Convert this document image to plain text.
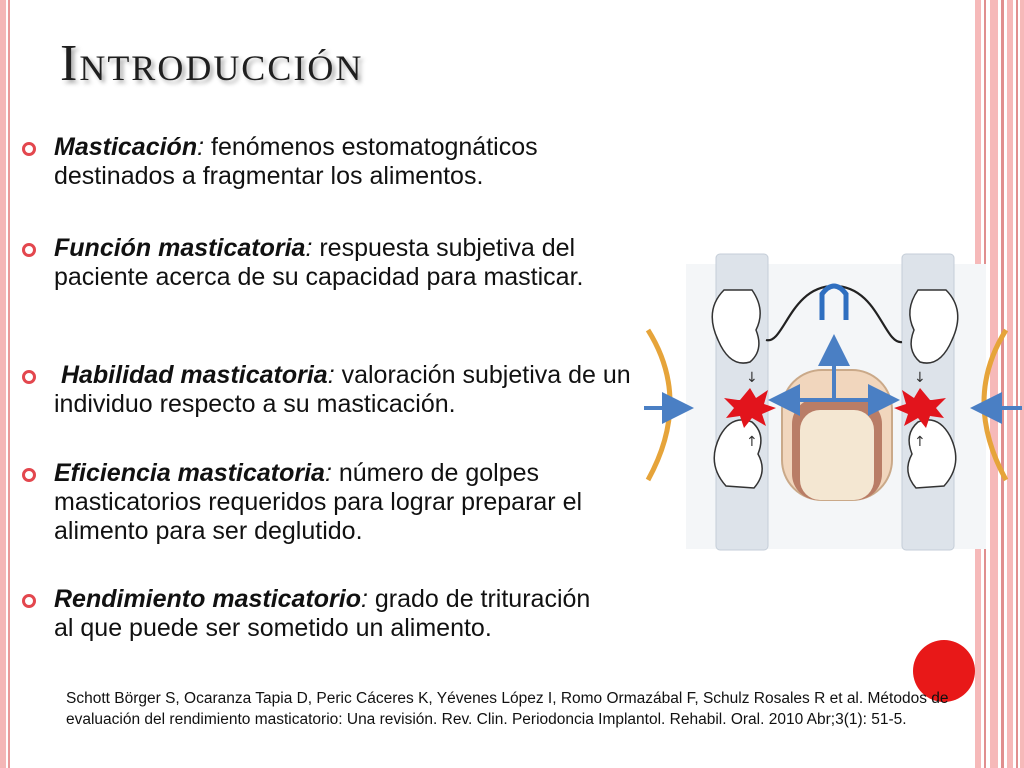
Introducción
Masticación: fenómenos estomatognáticos destinados a fragmentar los alimentos.
Función masticatoria: respuesta subjetiva del paciente acerca de su capacidad para masticar.
Habilidad masticatoria: valoración subjetiva de un individuo respecto a su masticación.
Eficiencia masticatoria: número de golpes masticatorios requeridos para lograr preparar el alimento para ser deglutido.
Rendimiento masticatorio: grado de trituración al que puede ser sometido un alimento.
↓
↑
↓
↑
Schott Börger S, Ocaranza Tapia D, Peric Cáceres K, Yévenes López I, Romo Ormazábal F, Schulz Rosales R et al. Métodos de evaluación del rendimiento masticatorio: Una revisión. Rev. Clin. Periodoncia Implantol. Rehabil. Oral. 2010 Abr;3(1): 51-5.
